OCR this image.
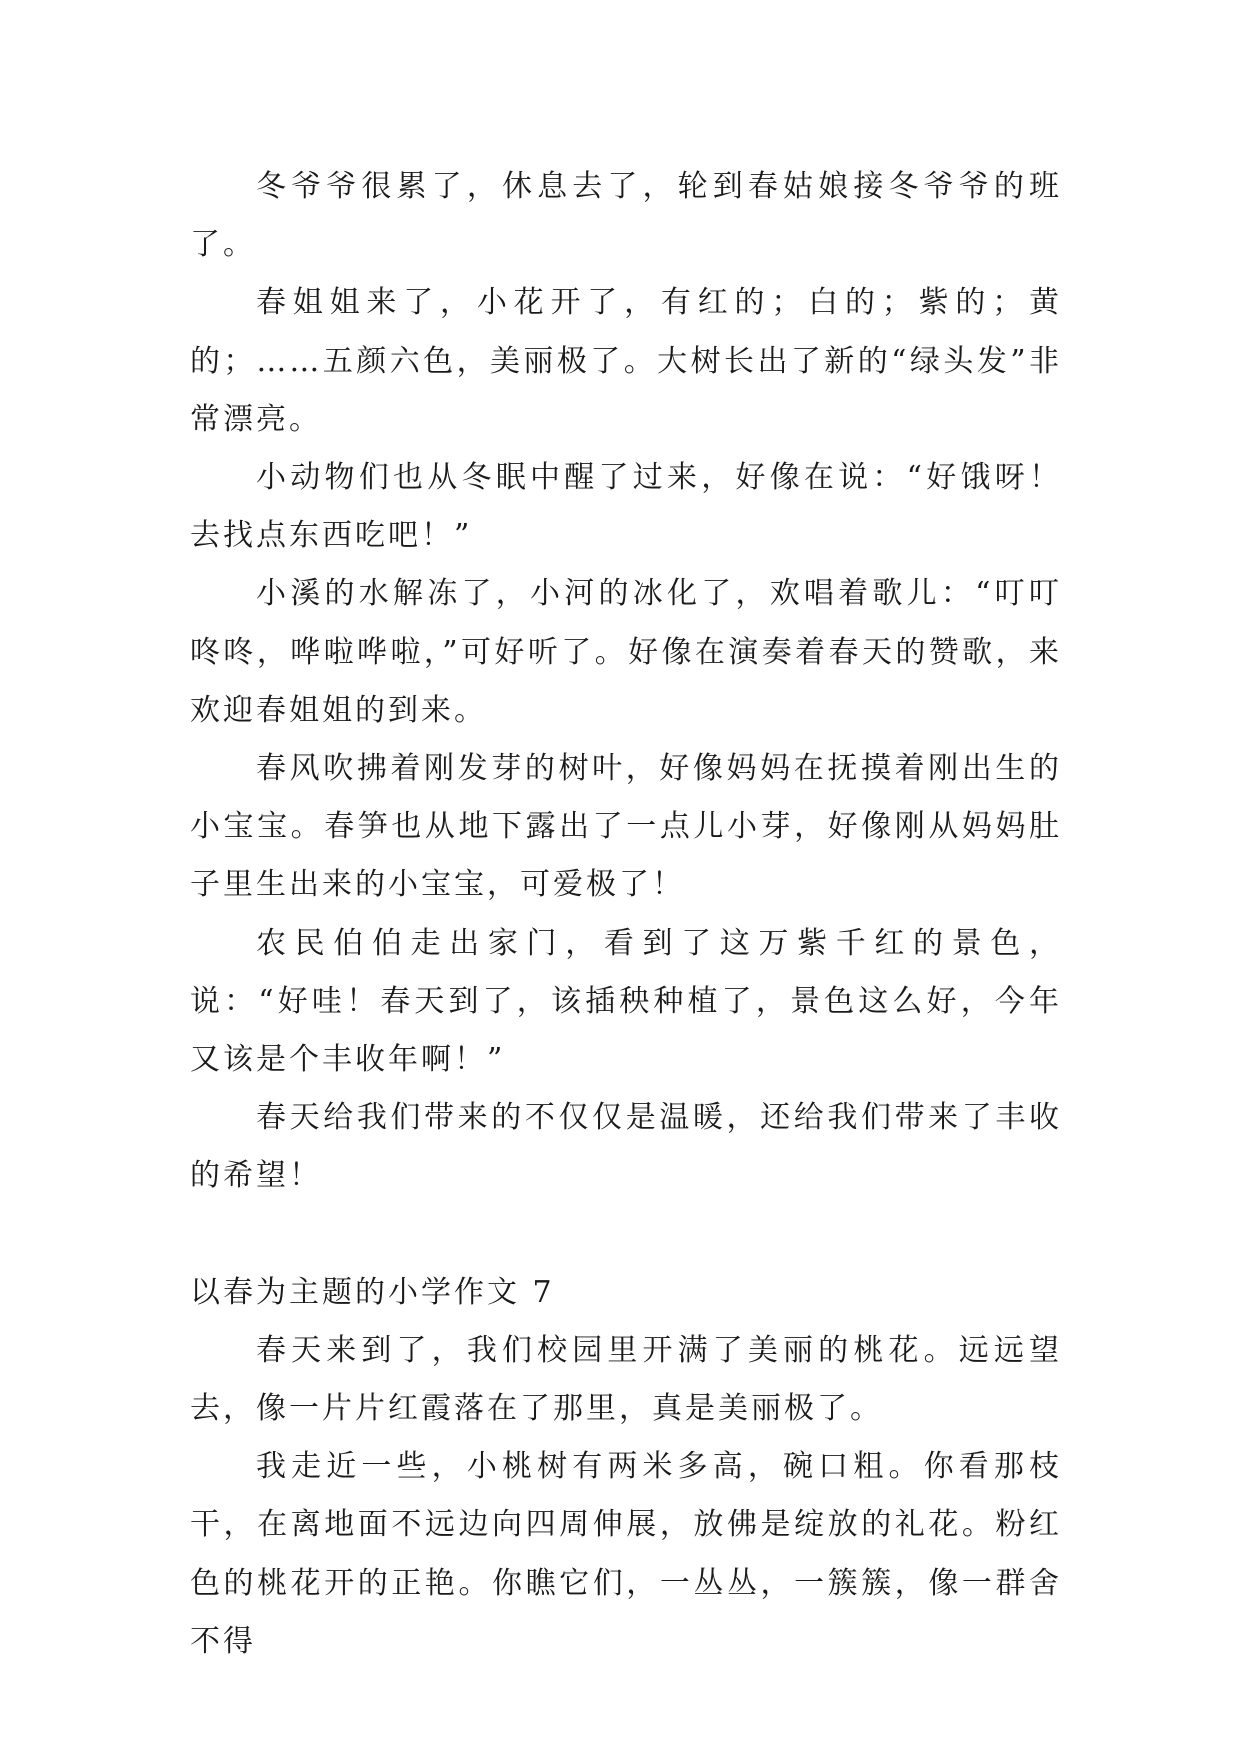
冬爷爷很累了，休息去了，轮到春姑娘接冬爷爷的班了。

春姐姐来了，小花开了，有红的；白的；紫的；黄的；……五颜六色，美丽极了。大树长出了新的“绿头发”非常漂亮。

小动物们也从冬眠中醒了过来，好像在说：“好饿呀！去找点东西吃吧！”

小溪的水解冻了，小河的冰化了，欢唱着歌儿：“叮叮咚咚，哗啦哗啦，”可好听了。好像在演奏着春天的赞歌，来欢迎春姐姐的到来。

春风吹拂着刚发芽的树叶，好像妈妈在抚摸着刚出生的小宝宝。春笋也从地下露出了一点儿小芽，好像刚从妈妈肚子里生出来的小宝宝，可爱极了！

农民伯伯走出家门，看到了这万紫千红的景色，说：“好哇！春天到了，该插秧种植了，景色这么好，今年又该是个丰收年啊！”

春天给我们带来的不仅仅是温暖，还给我们带来了丰收的希望！

以春为主题的小学作文 7

春天来到了，我们校园里开满了美丽的桃花。远远望去，像一片片红霞落在了那里，真是美丽极了。

我走近一些，小桃树有两米多高，碗口粗。你看那枝干，在离地面不远边向四周伸展，放佛是绽放的礼花。粉红色的桃花开的正艳。你瞧它们，一丛丛，一簇簇，像一群舍不得
